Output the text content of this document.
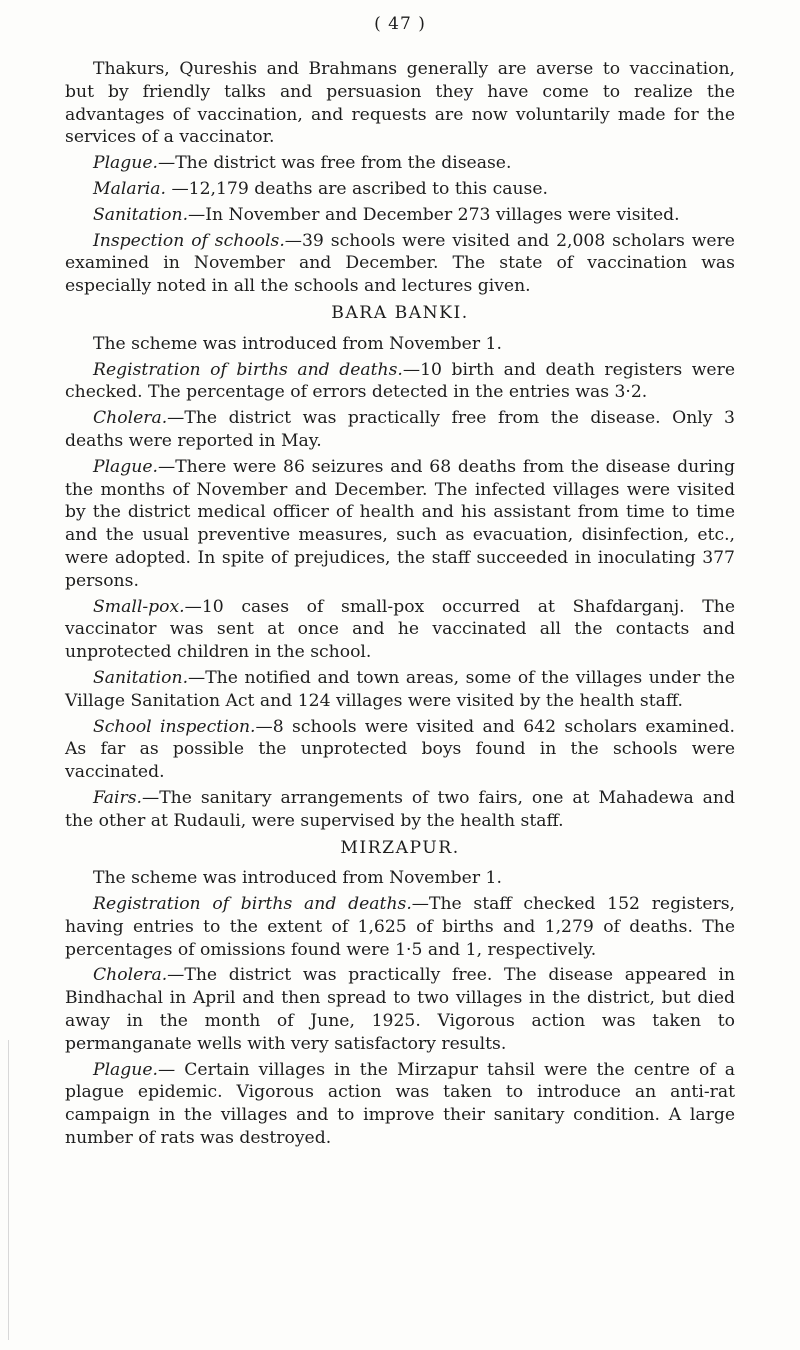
( 47 )

Thakurs, Qureshis and Brahmans generally are averse to vaccination, but by friendly talks and persuasion they have come to realize the advantages of vaccination, and requests are now voluntarily made for the services of a vaccinator.

Plague.—The district was free from the disease.

Malaria. —12,179 deaths are ascribed to this cause.

Sanitation.—In November and December 273 villages were visited.

Inspection of schools.—39 schools were visited and 2,008 scholars were examined in November and December. The state of vaccination was especially noted in all the schools and lectures given.

BARA BANKI.

The scheme was introduced from November 1.

Registration of births and deaths.—10 birth and death registers were checked. The percentage of errors detected in the entries was 3·2.

Cholera.—The district was practically free from the disease. Only 3 deaths were reported in May.

Plague.—There were 86 seizures and 68 deaths from the disease during the months of November and December. The infected villages were visited by the district medical officer of health and his assistant from time to time and the usual preventive measures, such as evacuation, disinfection, etc., were adopted. In spite of prejudices, the staff succeeded in inoculating 377 persons.

Small-pox.—10 cases of small-pox occurred at Shafdarganj. The vaccinator was sent at once and he vaccinated all the contacts and unprotected children in the school.

Sanitation.—The notified and town areas, some of the villages under the Village Sanitation Act and 124 villages were visited by the health staff.

School inspection.—8 schools were visited and 642 scholars examined. As far as possible the unprotected boys found in the schools were vaccinated.

Fairs.—The sanitary arrangements of two fairs, one at Mahadewa and the other at Rudauli, were supervised by the health staff.

MIRZAPUR.

The scheme was introduced from November 1.

Registration of births and deaths.—The staff checked 152 registers, having entries to the extent of 1,625 of births and 1,279 of deaths. The percentages of omissions found were 1·5 and 1, respectively.

Cholera.—The district was practically free. The disease appeared in Bindhachal in April and then spread to two villages in the district, but died away in the month of June, 1925. Vigorous action was taken to permanganate wells with very satisfactory results.

Plague.— Certain villages in the Mirzapur tahsil were the centre of a plague epidemic. Vigorous action was taken to introduce an anti-rat campaign in the villages and to improve their sanitary condition. A large number of rats was destroyed.
